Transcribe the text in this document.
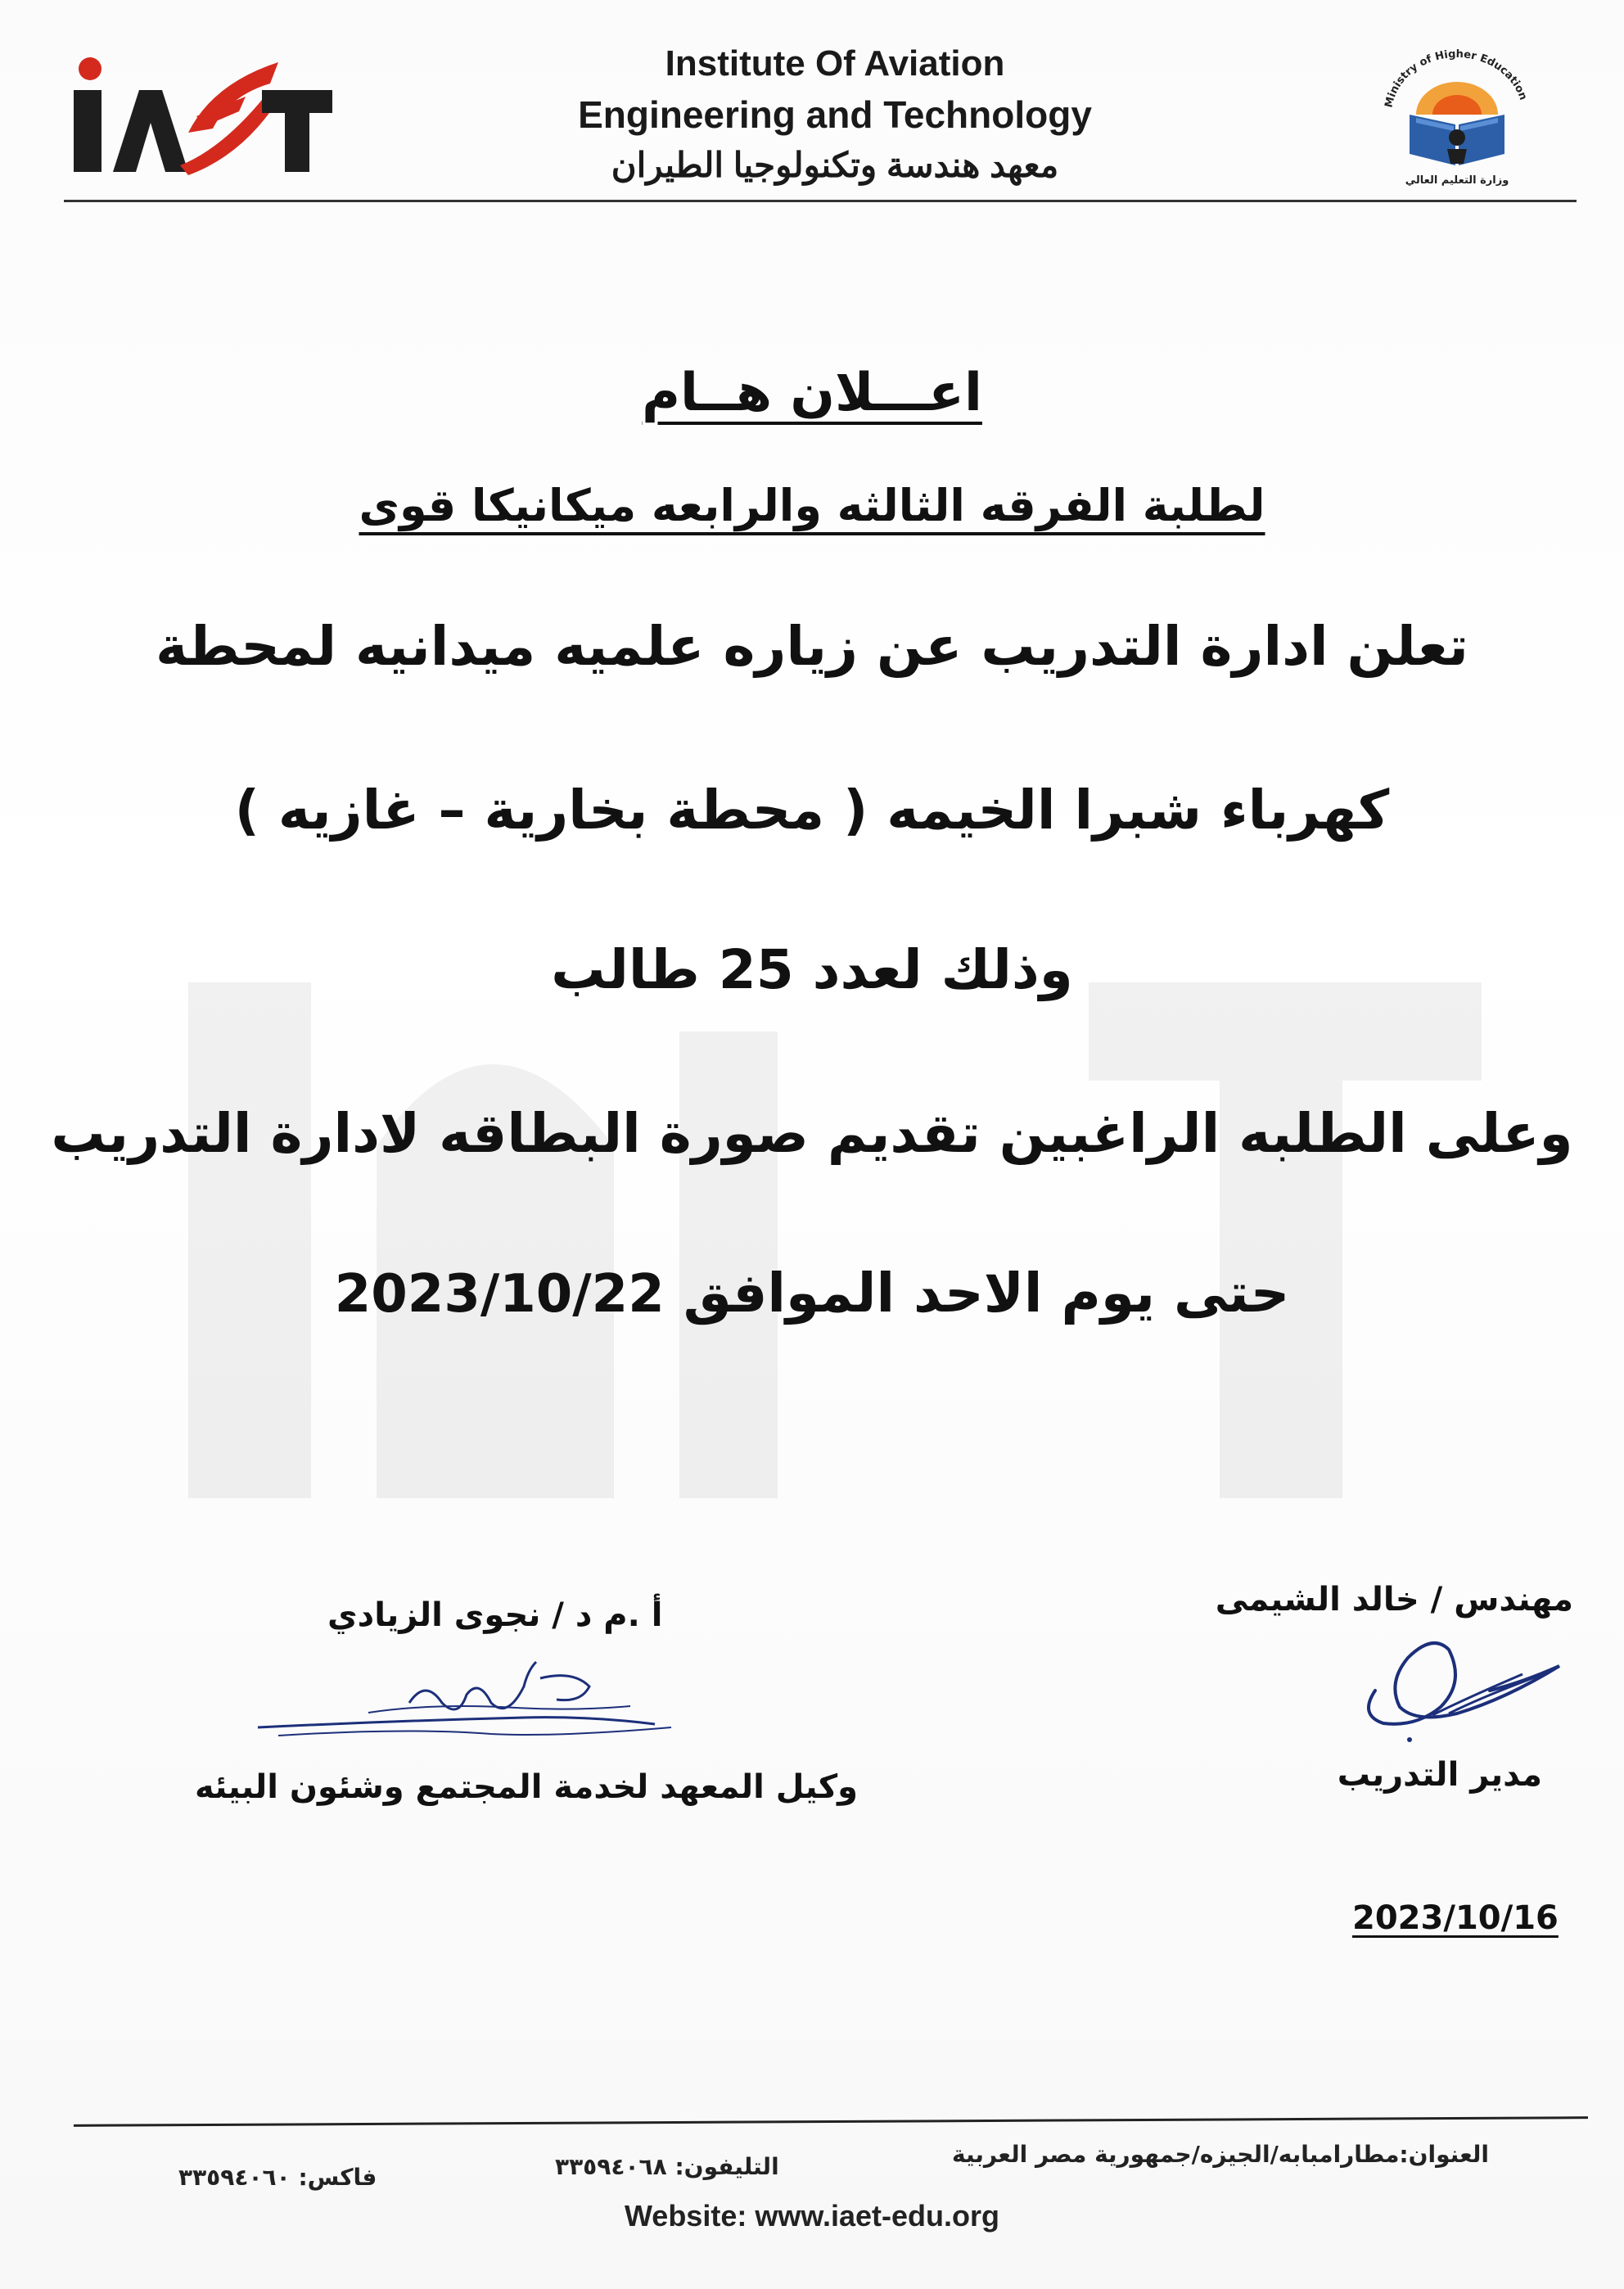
Institute Of Aviation
Engineering and Technology
معهد هندسة وتكنولوجيا الطيران
Ministry of Higher Education
وزارة التعليم العالي
اعـــلان هــام
لطلبة الفرقه الثالثه والرابعه ميكانيكا قوى
تعلن ادارة التدريب عن زياره علميه ميدانيه لمحطة
كهرباء شبرا الخيمه ( محطة بخارية – غازيه )
وذلك لعدد 25 طالب
وعلى الطلبه الراغبين تقديم صورة البطاقه لادارة التدريب
حتى يوم الاحد الموافق 2023/10/22
مهندس / خالد الشيمى
مدير التدريب
أ .م د / نجوى الزيادي
وكيل المعهد لخدمة المجتمع وشئون البيئه
2023/10/16
العنوان:مطارامبابه/الجيزه/جمهورية مصر العربية
التليفون: ٣٣٥٩٤٠٦٨
فاكس: ٣٣٥٩٤٠٦٠
Website: www.iaet-edu.org
